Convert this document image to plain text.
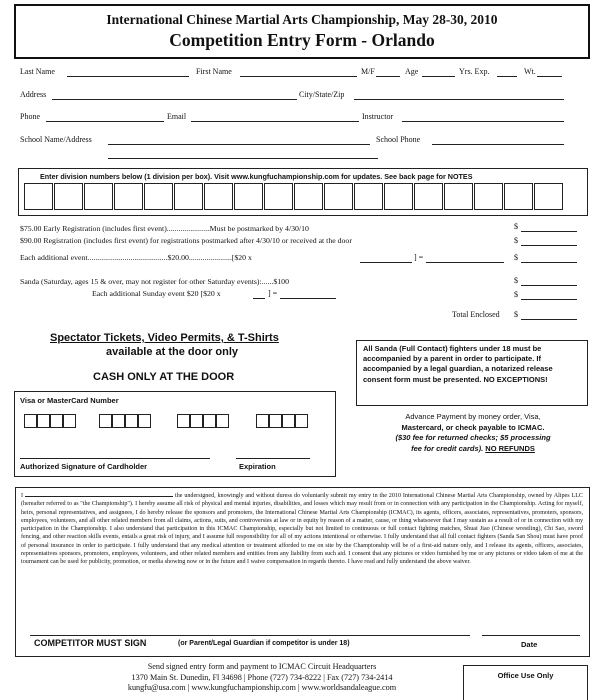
International Chinese Martial Arts Championship, May 28-30, 2010
Competition Entry Form - Orlando
Last Name	First Name	M/F	Age	Yrs. Exp.	Wt.
Address	City/State/Zip
Phone	Email	Instructor
School Name/Address	School Phone
Enter division numbers below (1 division per box). Visit www.kungfuchampionship.com for updates. See back page for NOTES
$75.00 Early Registration (includes first event)......................Must be postmarked by 4/30/10	$
$90.00 Registration (includes first event) for registrations postmarked after 4/30/10 or received at the door	$
Each additional event.........................................$20.00......................[$20 x	] =	$
Sanda (Saturday, ages 15 & over, may not register for other Saturday events):......$100	$
Each additional Sunday event $20 [$20 x	] =	$
Total Enclosed $
Spectator Tickets, Video Permits, & T-Shirts
available at the door only
CASH ONLY AT THE DOOR
Visa or MasterCard Number
Authorized Signature of Cardholder	Expiration
All Sanda (Full Contact) fighters under 18 must be accompanied by a parent in order to participate. If accompanied by a legal guardian, a notarized release consent form must be presented. NO EXCEPTIONS!
Advance Payment by money order, Visa,
Mastercard, or check payable to ICMAC.
($30 fee for returned checks; $5 processing
fee for credit cards). NO REFUNDS
I	the undersigned, knowingly and without duress do voluntarily submit my entry in the 2010 International Chinese Martial Arts Championship, owned by Alipes LLC (hereafter referred to as "the Championship"). I hereby assume all risk of physical and mental injuries, disabilities, and losses which may result from or in connection with any participation in the Championship. Acting for myself, heirs, personal representatives, and assignees, I do hereby release the sponsors and promoters, the International Chinese Martial Arts Championship (ICMAC), its agents, officers, associates, representatives, promoters, sponsors, employees, volunteers, and all other related members from all claims, actions, suits, and controversies at law or in equity by reason of a matter, cause, or thing whatsoever that I may sustain as a result of or in connection with my participation in the Championship. I also understand that participation in this ICMAC Championship, especially but not limited to continuous or full contact fighting matches, Shuai Jiao (Chinese wrestling), Chi Sao, sword fencing, and other reaction skills events, entails a great risk of injury, and I assume full responsibility for all of my actions intentional or otherwise. I fully understand that all full contact fighters (Sanda San Shou) must have proof of personal insurance in order to participate. I fully understand that any medical attention or treatment afforded to me on site by the Championship will be of a first-aid nature only, and I release its agents, officers, associates, representatives sponsors, promoters, employees, volunteers, and other related members and entities from any liability from such aid. I consent that any pictures or video furnished by me or any pictures or video taken of me at the tournament can be used for publicity, promotion, or media showing now or in the future and I waive compensation in regards thereto. I have read and fully understand the above waiver.
COMPETITOR MUST SIGN	(or Parent/Legal Guardian if competitor is under 18)	Date
Send signed entry form and payment to ICMAC Circuit Headquarters
1370 Main St. Dunedin, Fl 34698 | Phone (727) 734-8222 | Fax (727) 734-2414
kungfu@usa.com | www.kungfuchampionship.com | www.worldsandaleague.com
Office Use Only
